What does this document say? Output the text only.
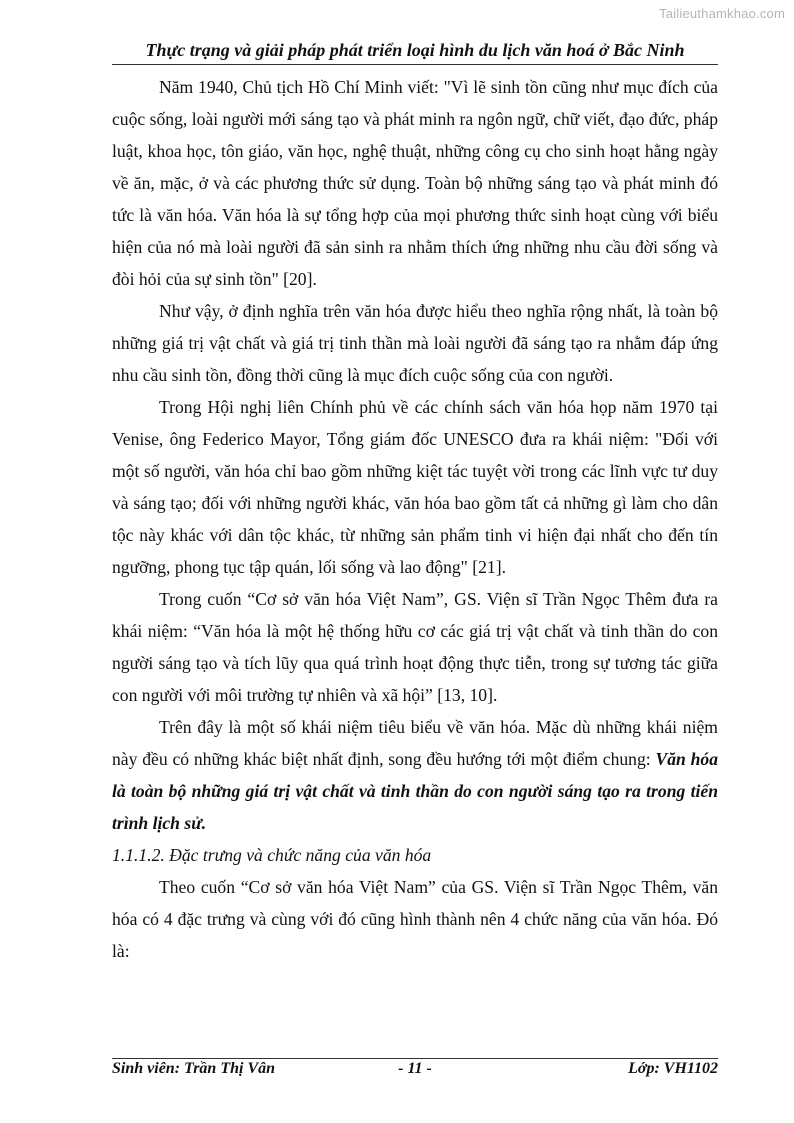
Tailieuthamkhao.com
Thực trạng và giải pháp phát triển loại hình du lịch văn hoá ở Bắc Ninh

Năm 1940, Chủ tịch Hồ Chí Minh viết: "Vì lẽ sinh tồn cũng như mục đích của cuộc sống, loài người mới sáng tạo và phát minh ra ngôn ngữ, chữ viết, đạo đức, pháp luật, khoa học, tôn giáo, văn học, nghệ thuật, những công cụ cho sinh hoạt hằng ngày về ăn, mặc, ở và các phương thức sử dụng. Toàn bộ những sáng tạo và phát minh đó tức là văn hóa. Văn hóa là sự tổng hợp của mọi phương thức sinh hoạt cùng với biểu hiện của nó mà loài người đã sản sinh ra nhằm thích ứng những nhu cầu đời sống và đòi hỏi của sự sinh tồn" [20].

Như vậy, ở định nghĩa trên văn hóa được hiểu theo nghĩa rộng nhất, là toàn bộ những giá trị vật chất và giá trị tinh thần mà loài người đã sáng tạo ra nhằm đáp ứng nhu cầu sinh tồn, đồng thời cũng là mục đích cuộc sống của con người.

Trong Hội nghị liên Chính phủ về các chính sách văn hóa họp năm 1970 tại Venise, ông Federico Mayor, Tổng giám đốc UNESCO đưa ra khái niệm: "Đối với một số người, văn hóa chỉ bao gồm những kiệt tác tuyệt vời trong các lĩnh vực tư duy và sáng tạo; đối với những người khác, văn hóa bao gồm tất cả những gì làm cho dân tộc này khác với dân tộc khác, từ những sản phẩm tinh vi hiện đại nhất cho đến tín ngưỡng, phong tục tập quán, lối sống và lao động" [21].

Trong cuốn “Cơ sở văn hóa Việt Nam”, GS. Viện sĩ Trần Ngọc Thêm đưa ra khái niệm: “Văn hóa là một hệ thống hữu cơ các giá trị vật chất và tinh thần do con người sáng tạo và tích lũy qua quá trình hoạt động thực tiễn, trong sự tương tác giữa con người với môi trường tự nhiên và xã hội” [13, 10].

Trên đây là một số khái niệm tiêu biểu về văn hóa. Mặc dù những khái niệm này đều có những khác biệt nhất định, song đều hướng tới một điểm chung: Văn hóa là toàn bộ những giá trị vật chất và tinh thần do con người sáng tạo ra trong tiến trình lịch sử.

1.1.1.2. Đặc trưng và chức năng của văn hóa

Theo cuốn “Cơ sở văn hóa Việt Nam” của GS. Viện sĩ Trần Ngọc Thêm, văn hóa có 4 đặc trưng và cùng với đó cũng hình thành nên 4 chức năng của văn hóa. Đó là:

Sinh viên: Trần Thị Vân	- 11 -	Lớp: VH1102
